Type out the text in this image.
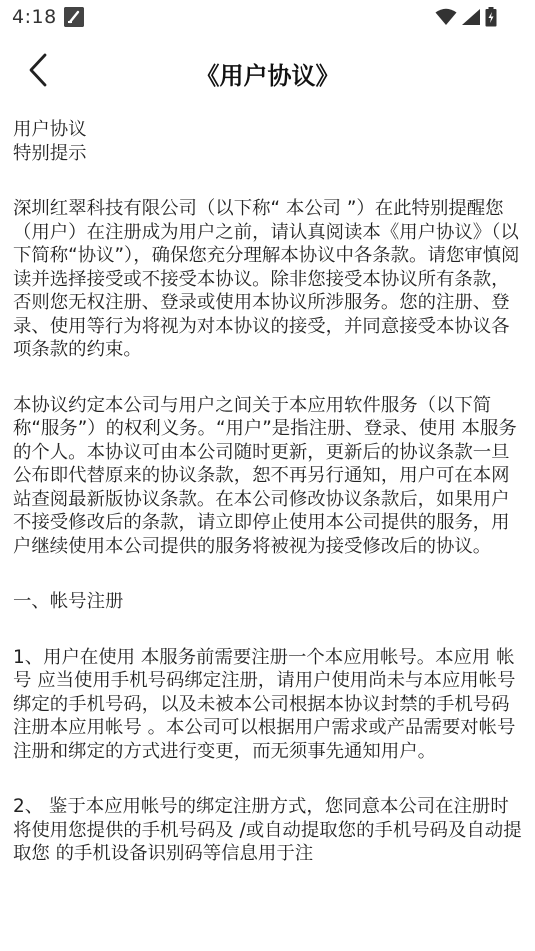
4:18
《用户协议》

用户协议

特别提示

深圳红翠科技有限公司（以下称“ 本公司 ”）在此特别提醒您（用户）在注册成为用户之前，请认真阅读本《用户协议》（以下简称“协议”），确保您充分理解本协议中各条款。请您审慎阅读并选择接受或不接受本协议。除非您接受本协议所有条款，否则您无权注册、登录或使用本协议所涉服务。您的注册、登录、使用等行为将视为对本协议的接受，并同意接受本协议各项条款的约束。

本协议约定本公司与用户之间关于本应用软件服务（以下简称“服务”）的权利义务。“用户”是指注册、登录、使用 本服务的个人。本协议可由本公司随时更新，更新后的协议条款一旦公布即代替原来的协议条款，恕不再另行通知，用户可在本网站查阅最新版协议条款。在本公司修改协议条款后，如果用户不接受修改后的条款，请立即停止使用本公司提供的服务，用户继续使用本公司提供的服务将被视为接受修改后的协议。

一、帐号注册

1、用户在使用 本服务前需要注册一个本应用帐号。本应用 帐号 应当使用手机号码绑定注册，请用户使用尚未与本应用帐号绑定的手机号码，以及未被本公司根据本协议封禁的手机号码注册本应用帐号 。本公司可以根据用户需求或产品需要对帐号注册和绑定的方式进行变更，而无须事先通知用户。

2、 鉴于本应用帐号的绑定注册方式，您同意本公司在注册时将使用您提供的手机号码及 /或自动提取您的手机号码及自动提取您 的手机设备识别码等信息用于注
